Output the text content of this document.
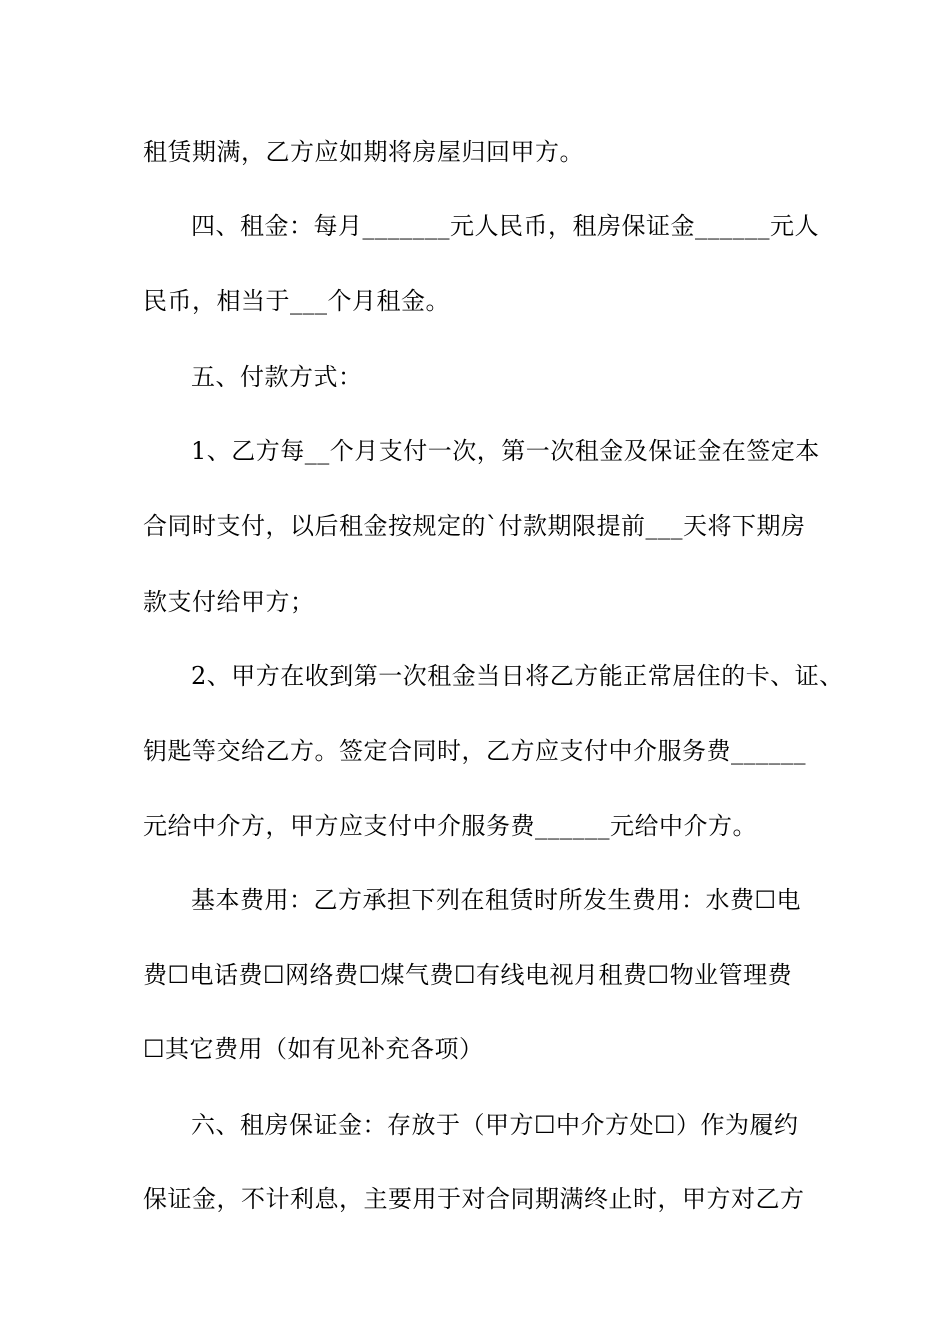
租赁期满，乙方应如期将房屋归回甲方。
四、租金：每月_______元人民币，租房保证金______元人
民币，相当于___个月租金。
五、付款方式：
1、乙方每__个月支付一次，第一次租金及保证金在签定本
合同时支付，以后租金按规定的`付款期限提前___天将下期房
款支付给甲方；
2、甲方在收到第一次租金当日将乙方能正常居住的卡、证、
钥匙等交给乙方。签定合同时，乙方应支付中介服务费______
元给中介方，甲方应支付中介服务费______元给中介方。
基本费用：乙方承担下列在租赁时所发生费用：水费☐电
费☐电话费☐网络费☐煤气费☐有线电视月租费☐物业管理费
☐其它费用（如有见补充各项）
六、租房保证金：存放于（甲方☐中介方处☐）作为履约
保证金，不计利息，主要用于对合同期满终止时，甲方对乙方
